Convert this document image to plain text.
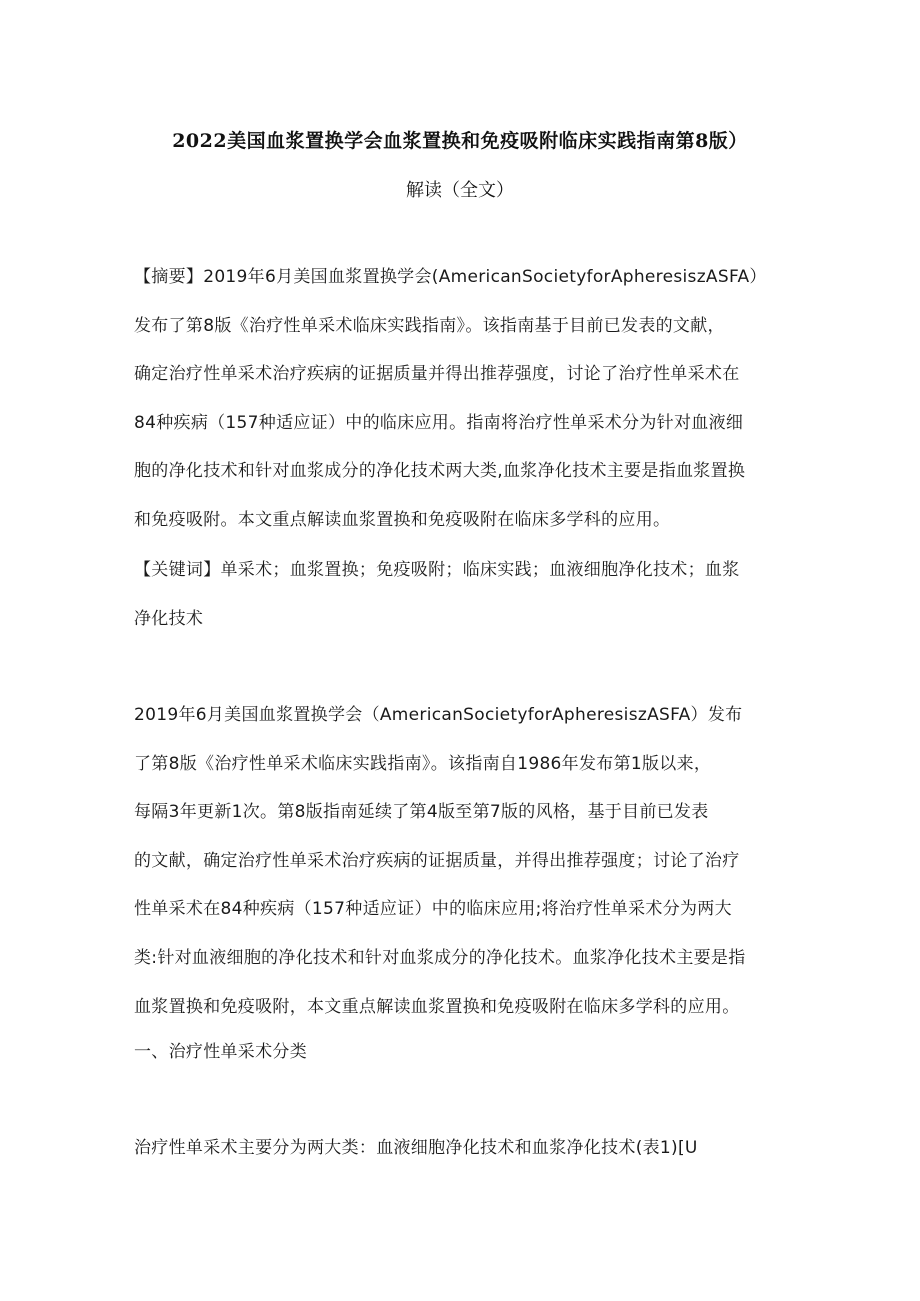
2022美国血浆置换学会血浆置换和免疫吸附临床实践指南第8版）
解读（全文）
【摘要】2019年6月美国血浆置换学会(AmericanSocietyforApheresiszASFA）
发布了第8版《治疗性单采术临床实践指南》。该指南基于目前已发表的文献，
确定治疗性单采术治疗疾病的证据质量并得出推荐强度，讨论了治疗性单采术在
84种疾病（157种适应证）中的临床应用。指南将治疗性单采术分为针对血液细
胞的净化技术和针对血浆成分的净化技术两大类,血浆净化技术主要是指血浆置换
和免疫吸附。本文重点解读血浆置换和免疫吸附在临床多学科的应用。
【关键词】单采术；血浆置换；免疫吸附；临床实践；血液细胞净化技术；血浆
净化技术
2019年6月美国血浆置换学会（AmericanSocietyforApheresiszASFA）发布
了第8版《治疗性单采术临床实践指南》。该指南自1986年发布第1版以来，
每隔3年更新1次。第8版指南延续了第4版至第7版的风格，基于目前已发表
的文献，确定治疗性单采术治疗疾病的证据质量，并得出推荐强度；讨论了治疗
性单采术在84种疾病（157种适应证）中的临床应用;将治疗性单采术分为两大
类:针对血液细胞的净化技术和针对血浆成分的净化技术。血浆净化技术主要是指
血浆置换和免疫吸附，本文重点解读血浆置换和免疫吸附在临床多学科的应用。
一、治疗性单采术分类
治疗性单采术主要分为两大类：血液细胞净化技术和血浆净化技术(表1)[U
